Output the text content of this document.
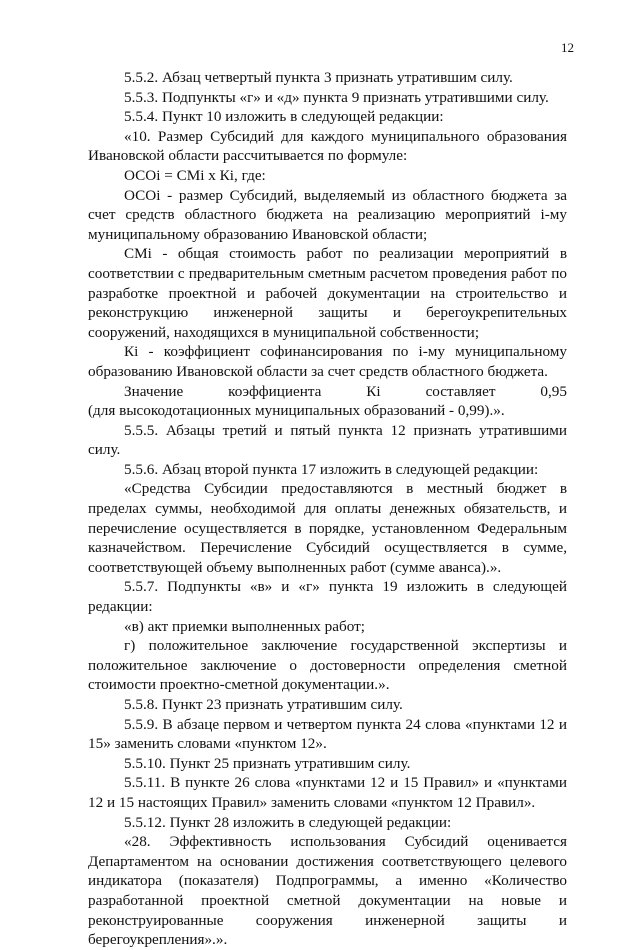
12

5.5.2. Абзац четвертый пункта 3 признать утратившим силу.

5.5.3. Подпункты «г» и «д» пункта 9 признать утратившими силу.

5.5.4. Пункт 10 изложить в следующей редакции:

«10. Размер Субсидий для каждого муниципального образования Ивановской области рассчитывается по формуле:

ОСОi = СМi x Кi, где:

ОСОi - размер Субсидий, выделяемый из областного бюджета за счет средств областного бюджета на реализацию мероприятий i-му муниципальному образованию Ивановской области;

СМi - общая стоимость работ по реализации мероприятий в соответствии с предварительным сметным расчетом проведения работ по разработке проектной и рабочей документации на строительство и реконструкцию инженерной защиты и берегоукрепительных сооружений, находящихся в муниципальной собственности;

Кi - коэффициент софинансирования по i-му муниципальному образованию Ивановской области за счет средств областного бюджета.

Значение	коэффициента	Кi	составляет	0,95

(для высокодотационных муниципальных образований - 0,99).».

5.5.5. Абзацы третий и пятый пункта 12 признать утратившими силу.

5.5.6. Абзац второй пункта 17 изложить в следующей редакции:

«Средства Субсидии предоставляются в местный бюджет в пределах суммы, необходимой для оплаты денежных обязательств, и перечисление осуществляется в порядке, установленном Федеральным казначейством. Перечисление Субсидий осуществляется в сумме, соответствующей объему выполненных работ (сумме аванса).».

5.5.7. Подпункты «в» и «г» пункта 19 изложить в следующей редакции:

«в) акт приемки выполненных работ;

г) положительное заключение государственной экспертизы и положительное заключение о достоверности определения сметной стоимости проектно-сметной документации.».

5.5.8. Пункт 23 признать утратившим силу.

5.5.9. В абзаце первом и четвертом пункта 24 слова «пунктами 12 и 15» заменить словами «пунктом 12».

5.5.10. Пункт 25 признать утратившим силу.

5.5.11. В пункте 26 слова «пунктами 12 и 15 Правил» и «пунктами 12 и 15 настоящих Правил» заменить словами «пунктом 12 Правил».

5.5.12. Пункт 28 изложить в следующей редакции:

«28. Эффективность использования Субсидий оценивается Департаментом на основании достижения соответствующего целевого индикатора (показателя) Подпрограммы, а именно «Количество разработанной проектной сметной документации на новые и реконструированные сооружения инженерной защиты и берегоукрепления».».
